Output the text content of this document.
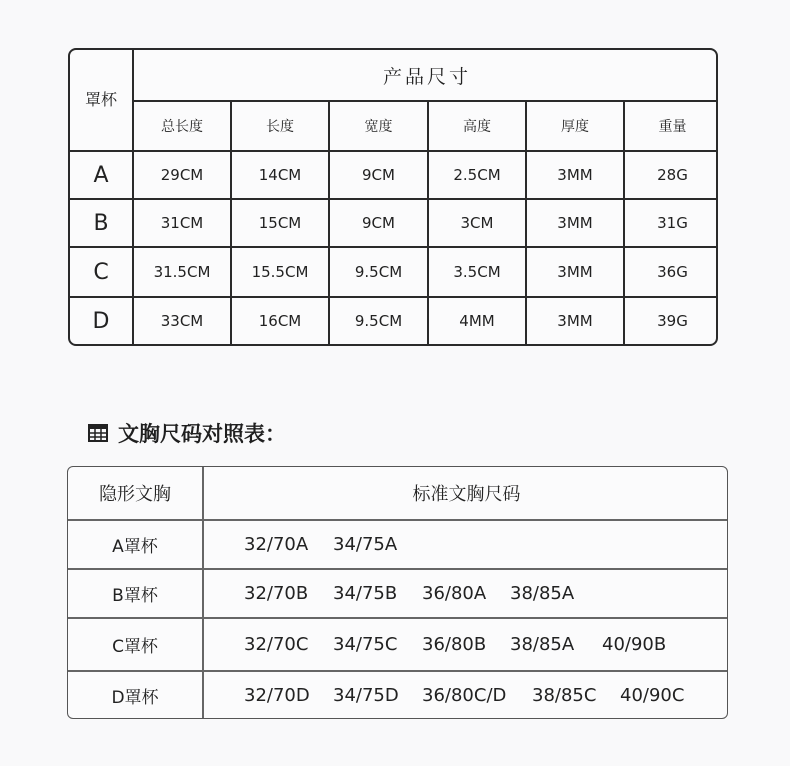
罩杯
产品尺寸
总长度	长度	宽度	高度	厚度	重量
A	29CM	14CM	9CM	2.5CM	3MM	28G
B	31CM	15CM	9CM	3CM	3MM	31G
C	31.5CM	15.5CM	9.5CM	3.5CM	3MM	36G
D	33CM	16CM	9.5CM	4MM	3MM	39G
文胸尺码对照表：
隐形文胸	标准文胸尺码
A罩杯	32/70A 34/75A
B罩杯	32/70B 34/75B 36/80A 38/85A
C罩杯	32/70C 34/75C 36/80B 38/85A 40/90B
D罩杯	32/70D 34/75D 36/80C/D 38/85C 40/90C
